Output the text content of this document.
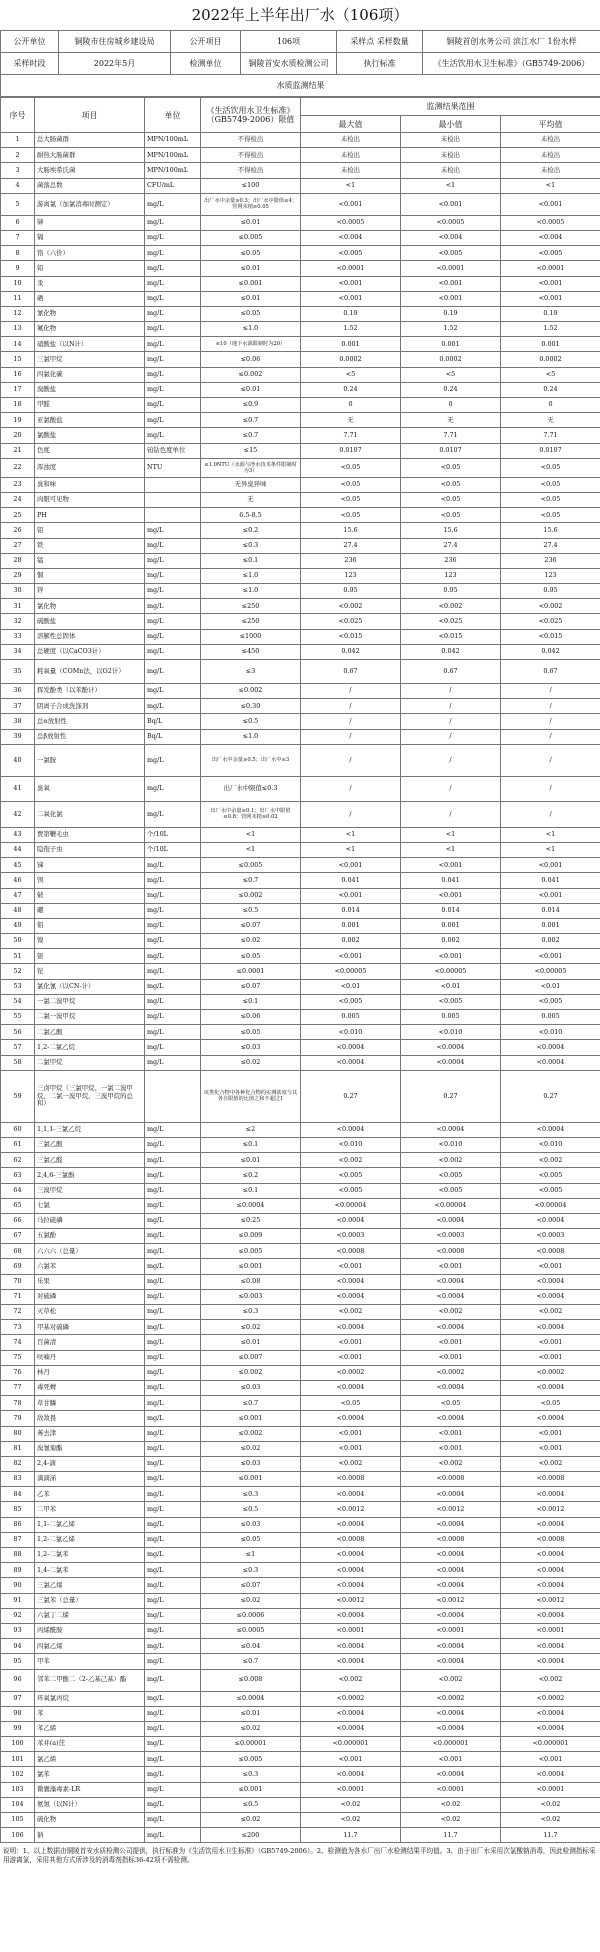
2022年上半年出厂水（106项）
公开单位	铜陵市住房城乡建设局	公开项目	106项	采样点 采样数量	铜陵首创水务公司 滨江水厂 1份水样
采样时段	2022年5月	检测单位	铜陵首安水质检测公司	执行标准	《生活饮用水卫生标准》（GB5749-2006）
水质监测结果					
序号	项目	单位	《生活饮用水卫生标准》（GB5749-2006）限值	监测结果范围		
				最大值	最小值	平均值
1	总大肠菌群	MPN/100mL	不得检出	未检出	未检出	未检出
2	耐热大肠菌群	MPN/100mL	不得检出	未检出	未检出	未检出
3	大肠埃希氏菌	MPN/100mL	不得检出	未检出	未检出	未检出
4	菌落总数	CFU/mL	≤100	<1	<1	<1
5	游离氯（加氯消毒时测定）	mg/L	出厂水中余量≥0.3；出厂水中限值≤4；管网末梢≥0.05	<0.001	<0.001	<0.001
6	砷	mg/L	≤0.01	<0.0005	<0.0005	<0.0005
7	镉	mg/L	≤0.005	<0.004	<0.004	<0.004
8	铬（六价）	mg/L	≤0.05	<0.005	<0.005	<0.005
9	铅	mg/L	≤0.01	<0.0001	<0.0001	<0.0001
10	汞	mg/L	≤0.001	<0.001	<0.001	<0.001
11	硒	mg/L	≤0.01	<0.001	<0.001	<0.001
12	氰化物	mg/L	≤0.05	0.19	0.19	0.19
13	氟化物	mg/L	≤1.0	1.52	1.52	1.52
14	硝酸盐（以N计）	mg/L	≤10（地下水源限制时为20）	0.001	0.001	0.001
15	三氯甲烷	mg/L	≤0.06	0.0002	0.0002	0.0002
16	四氯化碳	mg/L	≤0.002	<5	<5	<5
17	溴酸盐	mg/L	≤0.01	0.24	0.24	0.24
18	甲醛	mg/L	≤0.9	0	0	0
19	亚氯酸盐	mg/L	≤0.7	无	无	无
20	氯酸盐	mg/L	≤0.7	7.71	7.71	7.71
21	色度	铂钴色度单位	≤15	0.0107	0.0107	0.0107
22	浑浊度	NTU	≤1.0NTU（水源与净水技术条件限制时为3）	<0.05	<0.05	<0.05
23	臭和味		无异臭异味	<0.05	<0.05	<0.05
24	肉眼可见物		无	<0.05	<0.05	<0.05
25	PH		6.5-8.5	<0.05	<0.05	<0.05
26	铝	mg/L	≤0.2	15.6	15.6	15.6
27	铁	mg/L	≤0.3	27.4	27.4	27.4
28	锰	mg/L	≤0.1	236	236	236
29	铜	mg/L	≤1.0	123	123	123
30	锌	mg/L	≤1.0	0.95	0.95	0.95
31	氯化物	mg/L	≤250	<0.002	<0.002	<0.002
32	硫酸盐	mg/L	≤250	<0.025	<0.025	<0.025
33	溶解性总固体	mg/L	≤1000	<0.015	<0.015	<0.015
34	总硬度（以CaCO3计）	mg/L	≤450	0.042	0.042	0.042
35	耗氧量（COMn法，以O2计）	mg/L	≤3	0.67	0.67	0.67
36	挥发酚类（以苯酚计）	mg/L	≤0.002	/	/	/
37	阴离子合成洗涤剂	mg/L	≤0.30	/	/	/
38	总α放射性	Bq/L	≤0.5	/	/	/
39	总β放射性	Bq/L	≤1.0	/	/	/
40	一氯胺	mg/L	出厂水中余量≥0.5；出厂水中≤3	/	/	/
41	臭氧	mg/L	出厂水中限值≤0.3	/	/	/
42	二氧化氯	mg/L	出厂水中余量≥0.1；出厂水中限值≤0.8；管网末梢≥0.02	/	/	/
43	贾第鞭毛虫	个/10L	<1	<1	<1	<1
44	隐孢子虫	个/10L	<1	<1	<1	<1
45	锑	mg/L	≤0.005	<0.001	<0.001	<0.001
46	钡	mg/L	≤0.7	0.041	0.041	0.041
47	铍	mg/L	≤0.002	<0.001	<0.001	<0.001
48	硼	mg/L	≤0.5	0.014	0.014	0.014
49	钼	mg/L	≤0.07	0.001	0.001	0.001
50	镍	mg/L	≤0.02	0.002	0.002	0.002
51	银	mg/L	≤0.05	<0.001	<0.001	<0.001
52	铊	mg/L	≤0.0001	<0.00005	<0.00005	<0.00005
53	氯化氰（以CN-计）	mg/L	≤0.07	<0.01	<0.01	<0.01
54	一氯二溴甲烷	mg/L	≤0.1	<0.005	<0.005	<0.005
55	二氯一溴甲烷	mg/L	≤0.06	0.005	0.005	0.005
56	二氯乙酸	mg/L	≤0.05	<0.010	<0.010	<0.010
57	1,2-二氯乙烷	mg/L	≤0.03	<0.0004	<0.0004	<0.0004
58	二氯甲烷	mg/L	≤0.02	<0.0004	<0.0004	<0.0004
59	三卤甲烷（三氯甲烷、一氯二溴甲烷、二氯一溴甲烷、三溴甲烷的总和）		该类化合物中各种化合物的实测浓度与其各自限值的比值之和不超过1	0.27	0.27	0.27
60	1,1,1-三氯乙烷	mg/L	≤2	<0.0004	<0.0004	<0.0004
61	三氯乙酸	mg/L	≤0.1	<0.010	<0.010	<0.010
62	三氯乙醛	mg/L	≤0.01	<0.002	<0.002	<0.002
63	2,4,6-三氯酚	mg/L	≤0.2	<0.005	<0.005	<0.005
64	三溴甲烷	mg/L	≤0.1	<0.005	<0.005	<0.005
65	七氯	mg/L	≤0.0004	<0.00004	<0.00004	<0.00004
66	马拉硫磷	mg/L	≤0.25	<0.0004	<0.0004	<0.0004
67	五氯酚	mg/L	≤0.009	<0.0003	<0.0003	<0.0003
68	六六六（总量）	mg/L	≤0.005	<0.0008	<0.0008	<0.0008
69	六氯苯	mg/L	≤0.001	<0.001	<0.001	<0.001
70	乐果	mg/L	≤0.08	<0.0004	<0.0004	<0.0004
71	对硫磷	mg/L	≤0.003	<0.0004	<0.0004	<0.0004
72	灭草松	mg/L	≤0.3	<0.002	<0.002	<0.002
73	甲基对硫磷	mg/L	≤0.02	<0.0004	<0.0004	<0.0004
74	百菌清	mg/L	≤0.01	<0.001	<0.001	<0.001
75	呋喃丹	mg/L	≤0.007	<0.001	<0.001	<0.001
76	林丹	mg/L	≤0.002	<0.0002	<0.0002	<0.0002
77	毒死蜱	mg/L	≤0.03	<0.0004	<0.0004	<0.0004
78	草甘膦	mg/L	≤0.7	<0.05	<0.05	<0.05
79	敌敌畏	mg/L	≤0.001	<0.0004	<0.0004	<0.0004
80	莠去津	mg/L	≤0.002	<0.001	<0.001	<0.001
81	溴氰菊酯	mg/L	≤0.02	<0.001	<0.001	<0.001
82	2,4-滴	mg/L	≤0.03	<0.002	<0.002	<0.002
83	滴滴涕	mg/L	≤0.001	<0.0008	<0.0008	<0.0008
84	乙苯	mg/L	≤0.3	<0.0004	<0.0004	<0.0004
85	二甲苯	mg/L	≤0.5	<0.0012	<0.0012	<0.0012
86	1,1-二氯乙烯	mg/L	≤0.03	<0.0004	<0.0004	<0.0004
87	1,2-二氯乙烯	mg/L	≤0.05	<0.0008	<0.0008	<0.0008
88	1,2-二氯苯	mg/L	≤1	<0.0004	<0.0004	<0.0004
89	1,4-二氯苯	mg/L	≤0.3	<0.0004	<0.0004	<0.0004
90	三氯乙烯	mg/L	≤0.07	<0.0004	<0.0004	<0.0004
91	三氯苯（总量）	mg/L	≤0.02	<0.0012	<0.0012	<0.0012
92	六氯丁二烯	mg/L	≤0.0006	<0.0004	<0.0004	<0.0004
93	丙烯酰胺	mg/L	≤0.0005	<0.0001	<0.0001	<0.0001
94	四氯乙烯	mg/L	≤0.04	<0.0004	<0.0004	<0.0004
95	甲苯	mg/L	≤0.7	<0.0004	<0.0004	<0.0004
96	邻苯二甲酸二（2-乙基己基）酯	mg/L	≤0.008	<0.002	<0.002	<0.002
97	环氧氯丙烷	mg/L	≤0.0004	<0.0002	<0.0002	<0.0002
98	苯	mg/L	≤0.01	<0.0004	<0.0004	<0.0004
99	苯乙烯	mg/L	≤0.02	<0.0004	<0.0004	<0.0004
100	苯并(a)芘	mg/L	≤0.00001	<0.000001	<0.000001	<0.000001
101	氯乙烯	mg/L	≤0.005	<0.001	<0.001	<0.001
102	氯苯	mg/L	≤0.3	<0.0004	<0.0004	<0.0004
103	微囊藻毒素-LR	mg/L	≤0.001	<0.0001	<0.0001	<0.0001
104	氨氮（以N计）	mg/L	≤0.5	<0.02	<0.02	<0.02
105	硫化物	mg/L	≤0.02	<0.02	<0.02	<0.02
106	钠	mg/L	≤200	11.7	11.7	11.7
说明：1、以上数据由铜陵首安水质检测公司提供，执行标准为《生活饮用水卫生标准》（GB5749-2006）。2、检测值为各水厂出厂水检测结果平均值。3、由于出厂水采用次氯酸钠消毒，因此检测指标采用游离氯，采用其他方式所涉及的消毒剂指标36-42项不需检测。
